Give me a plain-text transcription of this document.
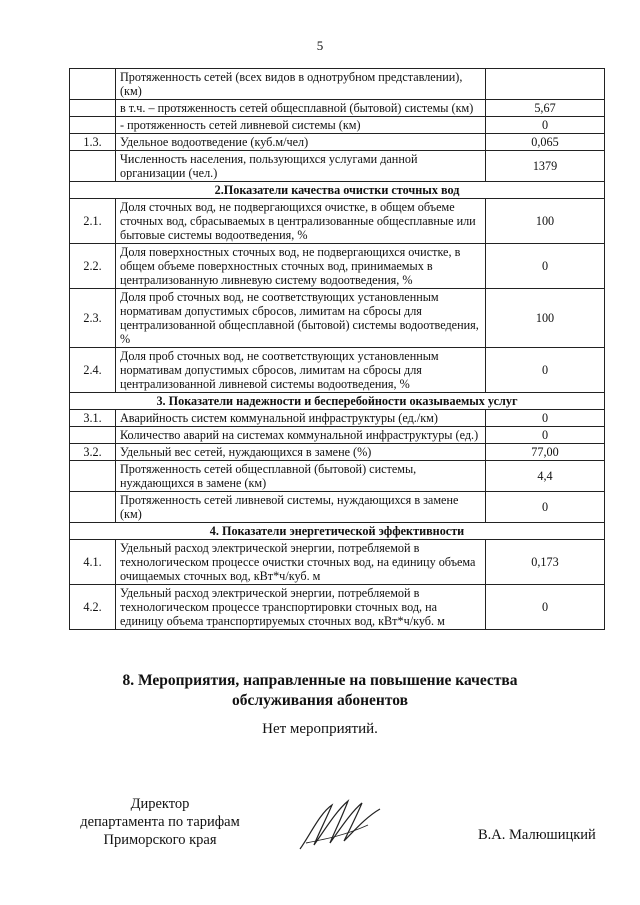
5
	Протяженность сетей (всех видов в однотрубном представлении), (км)	
	в т.ч. – протяженность сетей общесплавной (бытовой) системы (км)	5,67
	- протяженность сетей ливневой системы (км)	0
1.3.	Удельное водоотведение (куб.м/чел)	0,065
	Численность населения, пользующихся услугами данной организации (чел.)	1379
2.Показатели качества очистки сточных вод		
2.1.	Доля сточных вод, не подвергающихся очистке, в общем объеме сточных вод, сбрасываемых в централизованные общесплавные или бытовые системы водоотведения, %	100
2.2.	Доля поверхностных сточных вод, не подвергающихся очистке, в общем объеме поверхностных сточных вод, принимаемых в централизованную ливневую систему водоотведения, %	0
2.3.	Доля проб сточных вод, не соответствующих установленным нормативам допустимых сбросов, лимитам на сбросы для централизованной общесплавной (бытовой) системы водоотведения, %	100
2.4.	Доля проб сточных вод, не соответствующих установленным нормативам допустимых сбросов, лимитам на сбросы для централизованной ливневой системы водоотведения, %	0
3. Показатели надежности и бесперебойности оказываемых услуг		
3.1.	Аварийность систем коммунальной инфраструктуры (ед./км)	0
	Количество аварий на системах коммунальной инфраструктуры (ед.)	0
3.2.	Удельный вес сетей, нуждающихся в замене (%)	77,00
	Протяженность сетей общесплавной (бытовой) системы, нуждающихся в замене (км)	4,4
	Протяженность сетей ливневой системы, нуждающихся в замене (км)	0
4. Показатели энергетической эффективности		
4.1.	Удельный расход электрической энергии, потребляемой в технологическом процессе очистки сточных вод, на единицу объема очищаемых сточных вод, кВт*ч/куб. м	0,173
4.2.	Удельный расход электрической энергии, потребляемой в технологическом процессе транспортировки сточных вод, на единицу объема транспортируемых сточных вод, кВт*ч/куб. м	0
8. Мероприятия, направленные на повышение качества
обслуживания абонентов
Нет мероприятий.
Директор
департамента по тарифам
Приморского края	В.А. Малюшицкий
